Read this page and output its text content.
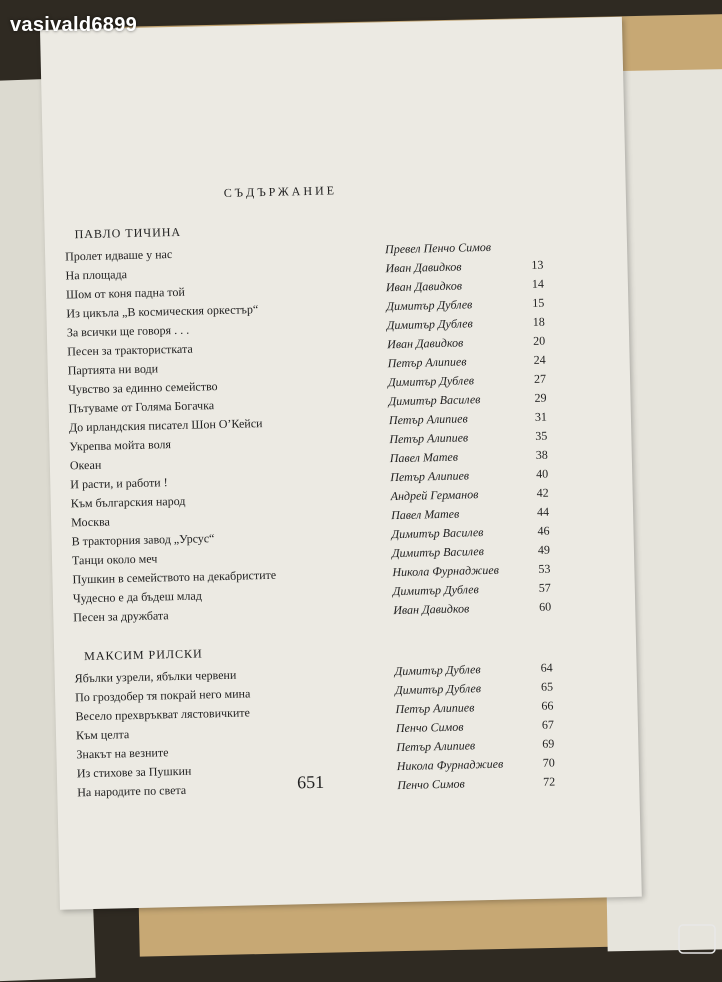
vasivald6899
СЪДЪРЖАНИЕ
ПАВЛО ТИЧИНА
Пролет идваше у нас	Превел Пенчо Симов
На площада	Иван Давидков	13
Шом от коня падна той	Иван Давидков	14
Из цикъла „В космическия оркестър“	Димитър Дублев	15
За всички ще говоря . . .	Димитър Дублев	18
Песен за трактористката	Иван Давидков	20
Партията ни води	Петър Алипиев	24
Чувство за единно семейство	Димитър Дублев	27
Пътуваме от Голяма Богачка	Димитър Василев	29
До ирландския писател Шон О’Кейси	Петър Алипиев	31
Укрепва мойта воля	Петър Алипиев	35
Океан	Павел Матев	38
И расти, и работи !	Петър Алипиев	40
Към българския народ	Андрей Германов	42
Москва	Павел Матев	44
В тракторния завод „Урсус“	Димитър Василев	46
Танци около меч	Димитър Василев	49
Пушкин в семейството на декабристите	Никола Фурнаджиев	53
Чудесно е да бъдеш млад	Димитър Дублев	57
Песен за дружбата	Иван Давидков	60
МАКСИМ РИЛСКИ
Ябълки узрели, ябълки червени	Димитър Дублев	64
По гроздобер тя покрай него мина	Димитър Дублев	65
Весело прехвръкват лястовичките	Петър Алипиев	66
Към целта	Пенчо Симов	67
Знакът на везните	Петър Алипиев	69
Из стихове за Пушкин	Никола Фурнаджиев	70
На народите по света	Пенчо Симов	72
651
